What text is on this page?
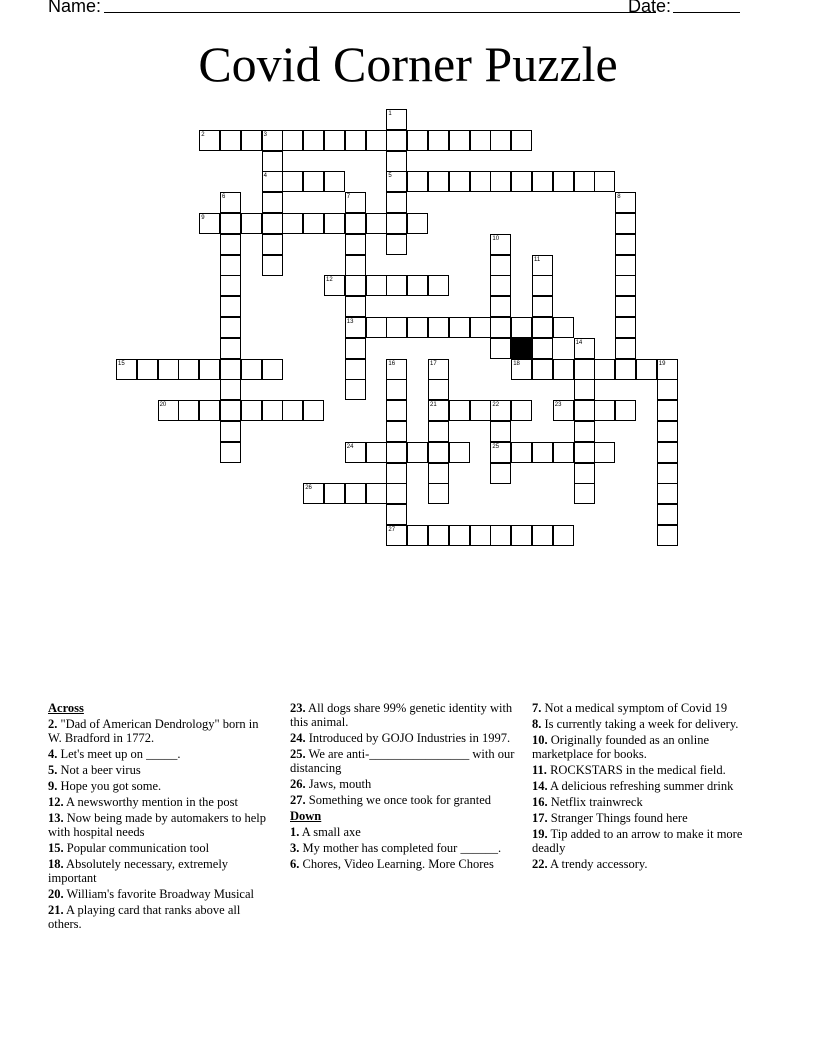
Name:	Date:
Covid Corner Puzzle
1
5
2	3
4
6	7
13
8
9
10
11
12
14
15	16
27
17
21
18	19
20	22
25
23
24
26
Across
2. "Dad of American Dendrology" born in W. Bradford in 1772.
4. Let's meet up on _____.
5. Not a beer virus
9. Hope you got some.
12. A newsworthy mention in the post
13. Now being made by automakers to help with hospital needs
15. Popular communication tool
18. Absolutely necessary, extremely important
20. William's favorite Broadway Musical
21. A playing card that ranks above all others.
23. All dogs share 99% genetic identity with this animal.
24. Introduced by GOJO Industries in 1997.
25. We are anti-________________ with our distancing
26. Jaws, mouth
27. Something we once took for granted
Down
1. A small axe
3. My mother has completed four ______.
6. Chores, Video Learning. More Chores
7. Not a medical symptom of Covid 19
8. Is currently taking a week for delivery.
10. Originally founded as an online marketplace for books.
11. ROCKSTARS in the medical field.
14. A delicious refreshing summer drink
16. Netflix trainwreck
17. Stranger Things found here
19. Tip added to an arrow to make it more deadly
22. A trendy accessory.
